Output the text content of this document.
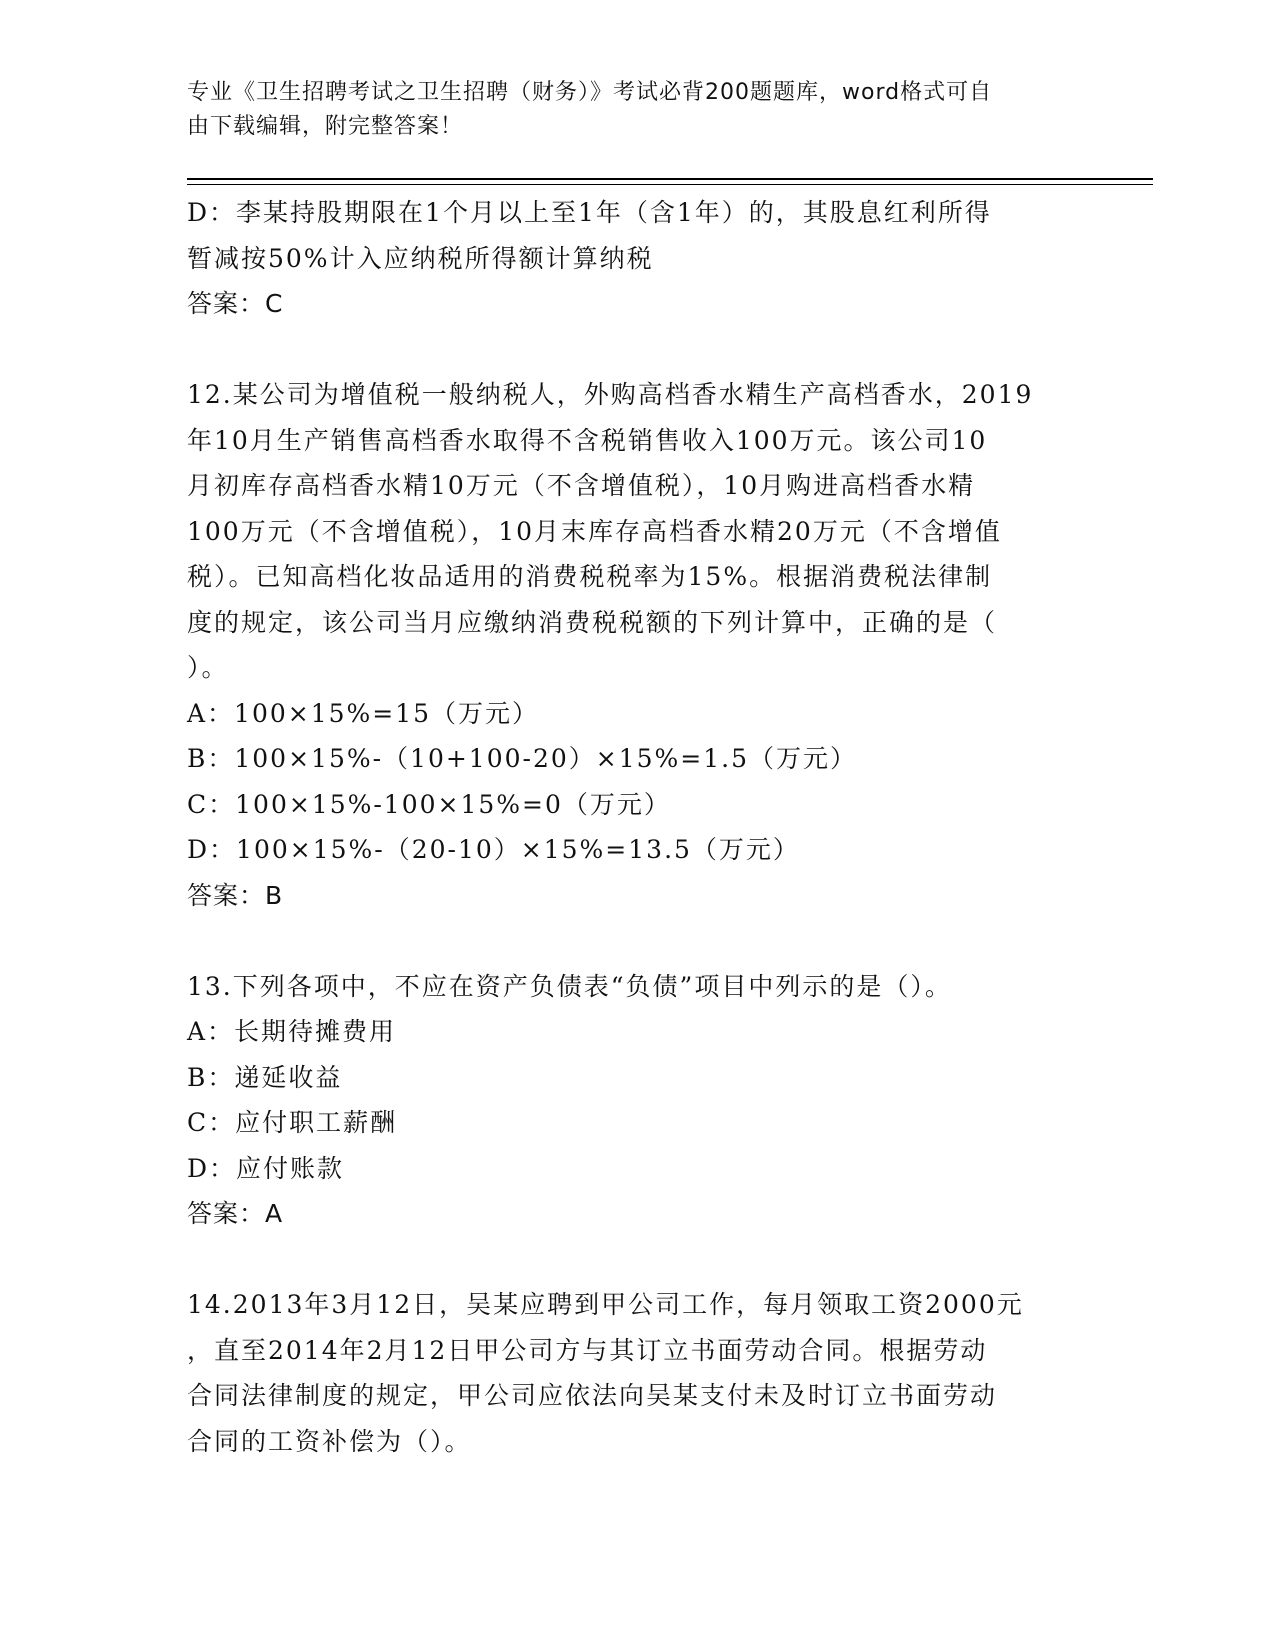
专业《卫生招聘考试之卫生招聘（财务）》考试必背200题题库，word格式可自
由下载编辑，附完整答案！
D：李某持股期限在1个月以上至1年（含1年）的，其股息红利所得
暂减按50%计入应纳税所得额计算纳税
答案：C
12.某公司为增值税一般纳税人，外购高档香水精生产高档香水，2019
年10月生产销售高档香水取得不含税销售收入100万元。该公司10
月初库存高档香水精10万元（不含增值税），10月购进高档香水精
100万元（不含增值税），10月末库存高档香水精20万元（不含增值
税）。已知高档化妆品适用的消费税税率为15%。根据消费税法律制
度的规定，该公司当月应缴纳消费税税额的下列计算中，正确的是（
）。
A：100×15%=15（万元）
B：100×15%-（10+100-20）×15%=1.5（万元）
C：100×15%-100×15%=0（万元）
D：100×15%-（20-10）×15%=13.5（万元）
答案：B
13.下列各项中，不应在资产负债表“负债”项目中列示的是（）。
A：长期待摊费用
B：递延收益
C：应付职工薪酬
D：应付账款
答案：A
14.2013年3月12日，吴某应聘到甲公司工作，每月领取工资2000元
，直至2014年2月12日甲公司方与其订立书面劳动合同。根据劳动
合同法律制度的规定，甲公司应依法向吴某支付未及时订立书面劳动
合同的工资补偿为（）。
